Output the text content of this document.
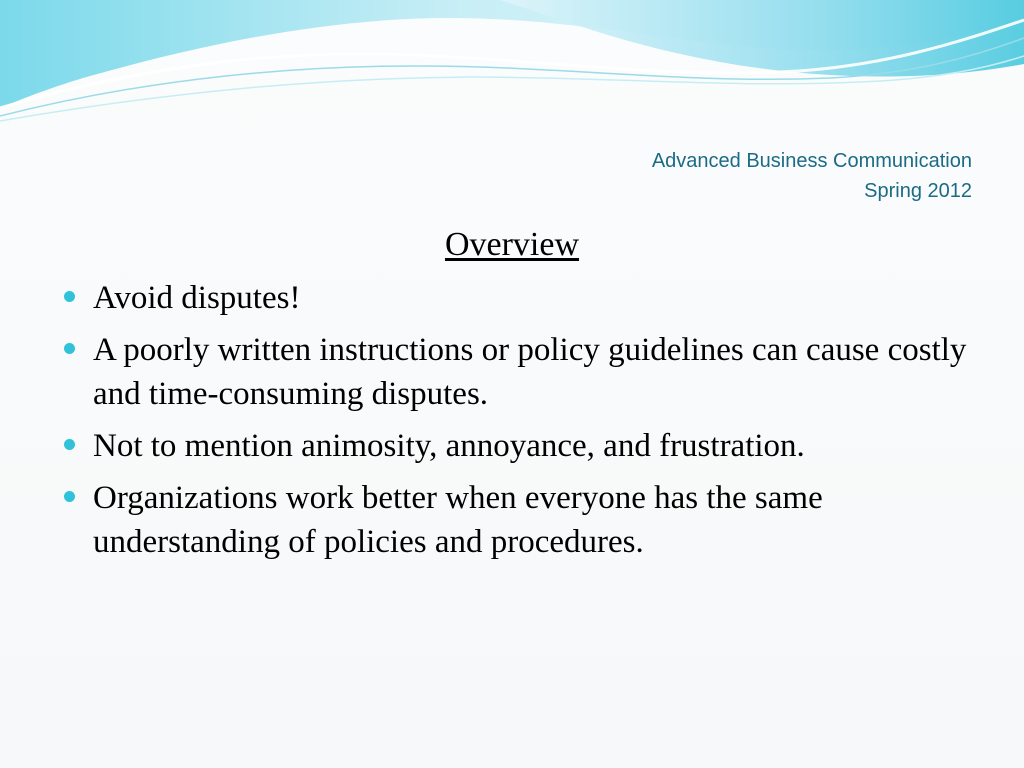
Advanced Business Communication
Spring 2012
Overview
Avoid disputes!
A poorly written instructions or policy guidelines can cause costly and time-consuming disputes.
Not to mention animosity, annoyance, and frustration.
Organizations work better when everyone has the same understanding of policies and procedures.
